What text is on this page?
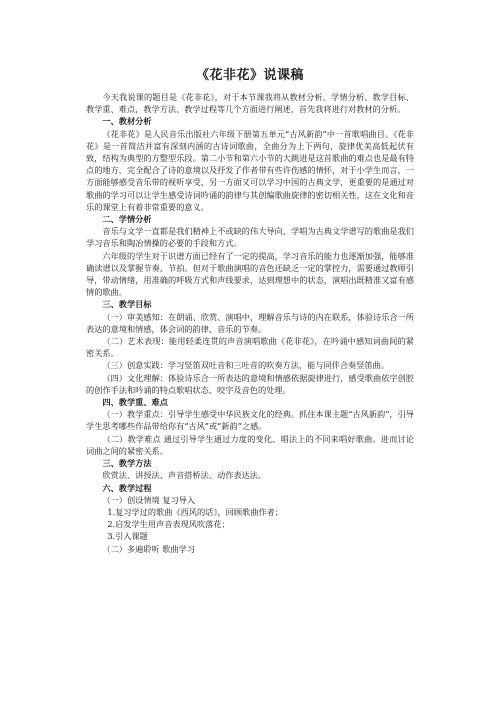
《花非花》说课稿

今天我说课的题目是《花非花》，对于本节课我将从教材分析、学情分析、教学目标、教学重、难点，教学方法、教学过程等几个方面进行阐述，首先我将进行对教材的分析。

一、教材分析

《花非花》是人民音乐出版社六年级下册第五单元“古风新韵”中一首歌唱曲目。《花非花》是一首简洁并富有深刻内涵的古诗词歌曲，全曲分为上下两句，旋律优美高低起伏有致，结构为典型的方整型乐段。第二小节和第六小节的大跳进是这首歌曲的难点也是最有特点的地方，完全配合了诗的意境以及抒发了作者带有些许伤感的情怀，对于小学生而言，一方面能够感受音乐带的视听享受，另一方面又可以学习中国的古典文学，更重要的是通过对歌曲的学习可以让学生感受诗词吟诵的韵律与其创编歌曲旋律的密切相关性，这在文化和音乐的课堂上有着非常重要的意义。

二、学情分析

音乐与文学一直都是我们精神上不或缺的伟大导向，学唱为古典文学谱写的歌曲是我们学习音乐和陶冶情操的必要的手段和方式。

六年级的学生对于识谱方面已经有了一定的提高，学习音乐的能力也逐渐加强，能够准确读谱以及掌握节奏、节拍。但对于歌曲演唱的音色还缺乏一定的掌控力，需要通过教师引导，带动情绪，用准确的呼吸方式和声线要求，达到理想中的状态，演唱出既精准又富有感情的歌曲。

三、教学目标

（一）审美感知：在朗诵、欣赏、演唱中，理解音乐与诗的内在联系，体验诗乐合一所表达的意境和情感，体会词的韵律、音乐的节奏。

（二）艺术表现：能用轻柔连贯的声音演唱歌曲《花非花》，在吟诵中感知词曲间的紧密关系。

（三）创意实践：学习竖笛双吐音和三吐音的吹奏方法，能与同伴合奏竖笛曲。

（四）文化理解：体验诗乐合一所表达的意境和情感依据旋律进行，感受歌曲依字创腔的创作手法和吟诵的特点歌唱状态、咬字及音色的处理。

四、教学重、难点

（一）教学重点：引导学生感受中华民族文化的经典。抓住本课主题“古风新韵”，引导学生思考哪些作品带给你有“古风”或“新韵”之感。

（二）教学难点 通过引导学生通过力度的变化、唱法上的不同来唱好歌曲。进而讨论词曲之间的紧密关系。

三、教学方法

欣赏法、讲授法、声音搭桥法、动作表达法。

六、教学过程

（一）创设情境 复习导入

1.复习学过的歌曲《西风的话》，回顾歌曲作者；

2.启发学生用声音表现风吹落花；

3.引入课题

（二）多遍聆听 歌曲学习
